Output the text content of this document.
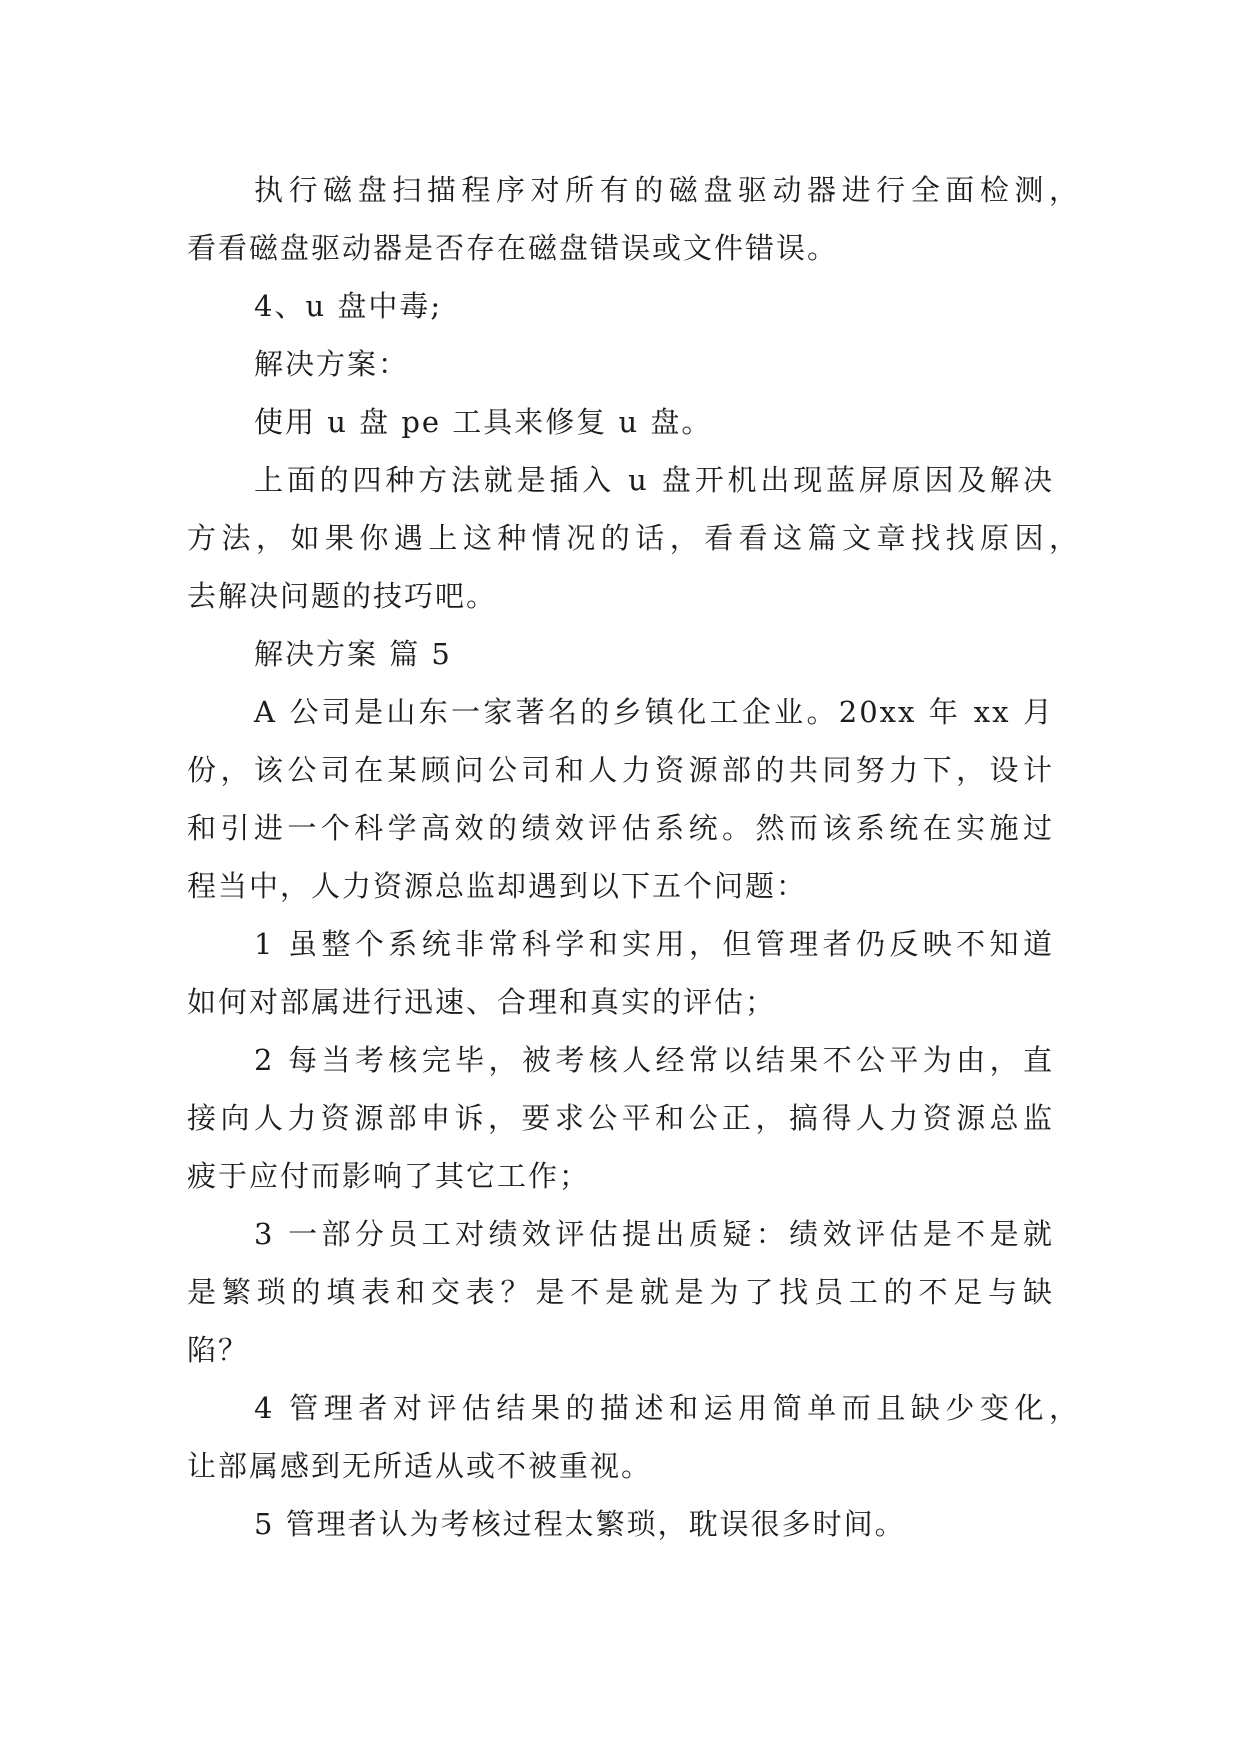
执行磁盘扫描程序对所有的磁盘驱动器进行全面检测，
看看磁盘驱动器是否存在磁盘错误或文件错误。
4、u 盘中毒;
解决方案：
使用 u 盘 pe 工具来修复 u 盘。
上面的四种方法就是插入 u 盘开机出现蓝屏原因及解决
方法，如果你遇上这种情况的话，看看这篇文章找找原因，
去解决问题的技巧吧。
解决方案 篇 5
A 公司是山东一家著名的乡镇化工企业。20xx 年 xx 月
份，该公司在某顾问公司和人力资源部的共同努力下，设计
和引进一个科学高效的绩效评估系统。然而该系统在实施过
程当中，人力资源总监却遇到以下五个问题：
1 虽整个系统非常科学和实用，但管理者仍反映不知道
如何对部属进行迅速、合理和真实的评估；
2 每当考核完毕，被考核人经常以结果不公平为由，直
接向人力资源部申诉，要求公平和公正，搞得人力资源总监
疲于应付而影响了其它工作；
3 一部分员工对绩效评估提出质疑：绩效评估是不是就
是繁琐的填表和交表？是不是就是为了找员工的不足与缺
陷？
4 管理者对评估结果的描述和运用简单而且缺少变化，
让部属感到无所适从或不被重视。
5 管理者认为考核过程太繁琐，耽误很多时间。
